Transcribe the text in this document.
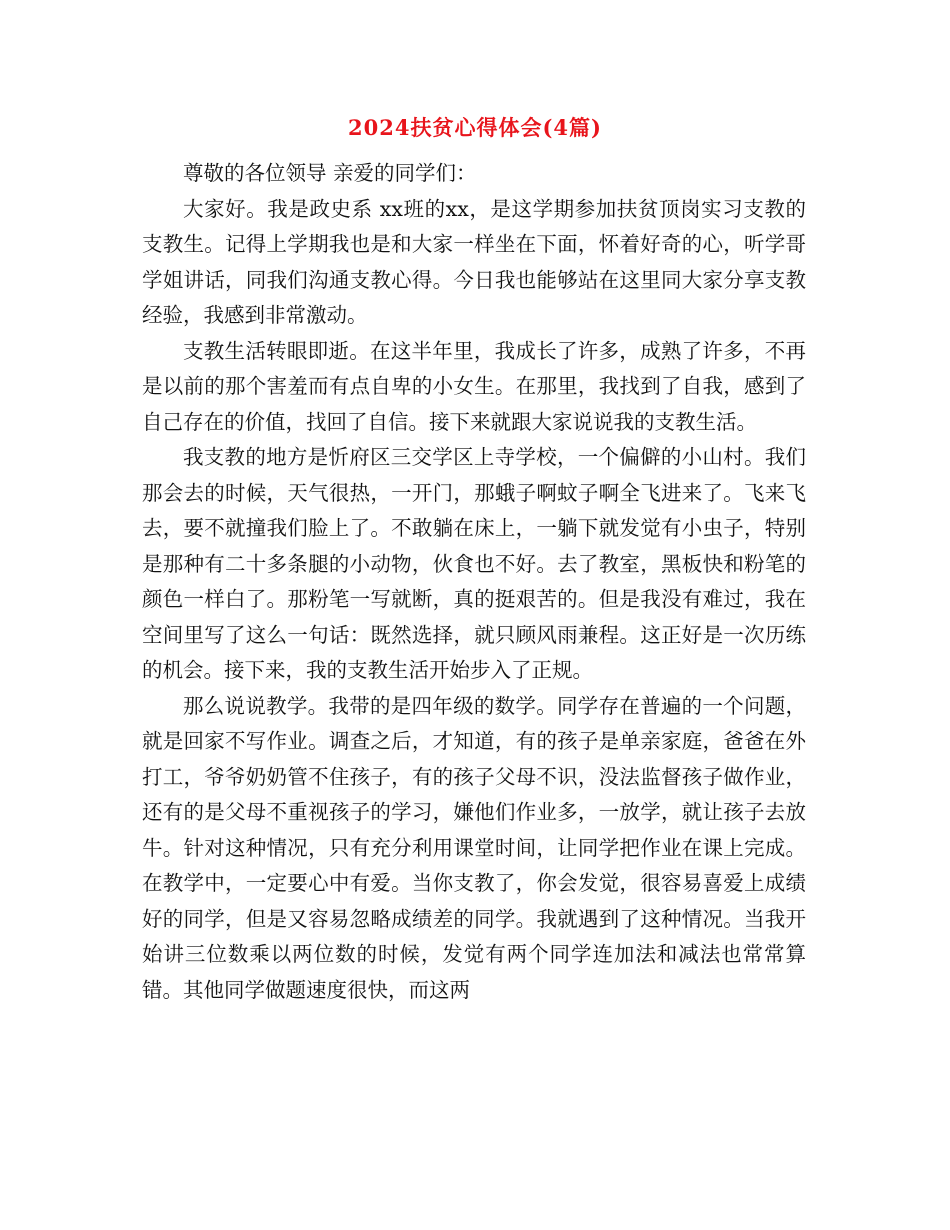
2024扶贫心得体会(4篇)

尊敬的各位领导 亲爱的同学们：

大家好。我是政史系 xx班的xx，是这学期参加扶贫顶岗实习支教的支教生。记得上学期我也是和大家一样坐在下面，怀着好奇的心，听学哥学姐讲话，同我们沟通支教心得。今日我也能够站在这里同大家分享支教经验，我感到非常激动。

支教生活转眼即逝。在这半年里，我成长了许多，成熟了许多，不再是以前的那个害羞而有点自卑的小女生。在那里，我找到了自我，感到了自己存在的价值，找回了自信。接下来就跟大家说说我的支教生活。

我支教的地方是忻府区三交学区上寺学校，一个偏僻的小山村。我们那会去的时候，天气很热，一开门，那蛾子啊蚊子啊全飞进来了。飞来飞去，要不就撞我们脸上了。不敢躺在床上，一躺下就发觉有小虫子，特别是那种有二十多条腿的小动物，伙食也不好。去了教室，黑板快和粉笔的颜色一样白了。那粉笔一写就断，真的挺艰苦的。但是我没有难过，我在空间里写了这么一句话：既然选择，就只顾风雨兼程。这正好是一次历练的机会。接下来，我的支教生活开始步入了正规。

那么说说教学。我带的是四年级的数学。同学存在普遍的一个问题，就是回家不写作业。调查之后，才知道，有的孩子是单亲家庭，爸爸在外打工，爷爷奶奶管不住孩子，有的孩子父母不识，没法监督孩子做作业，还有的是父母不重视孩子的学习，嫌他们作业多，一放学，就让孩子去放牛。针对这种情况，只有充分利用课堂时间，让同学把作业在课上完成。在教学中，一定要心中有爱。当你支教了，你会发觉，很容易喜爱上成绩好的同学，但是又容易忽略成绩差的同学。我就遇到了这种情况。当我开始讲三位数乘以两位数的时候，发觉有两个同学连加法和减法也常常算错。其他同学做题速度很快，而这两
